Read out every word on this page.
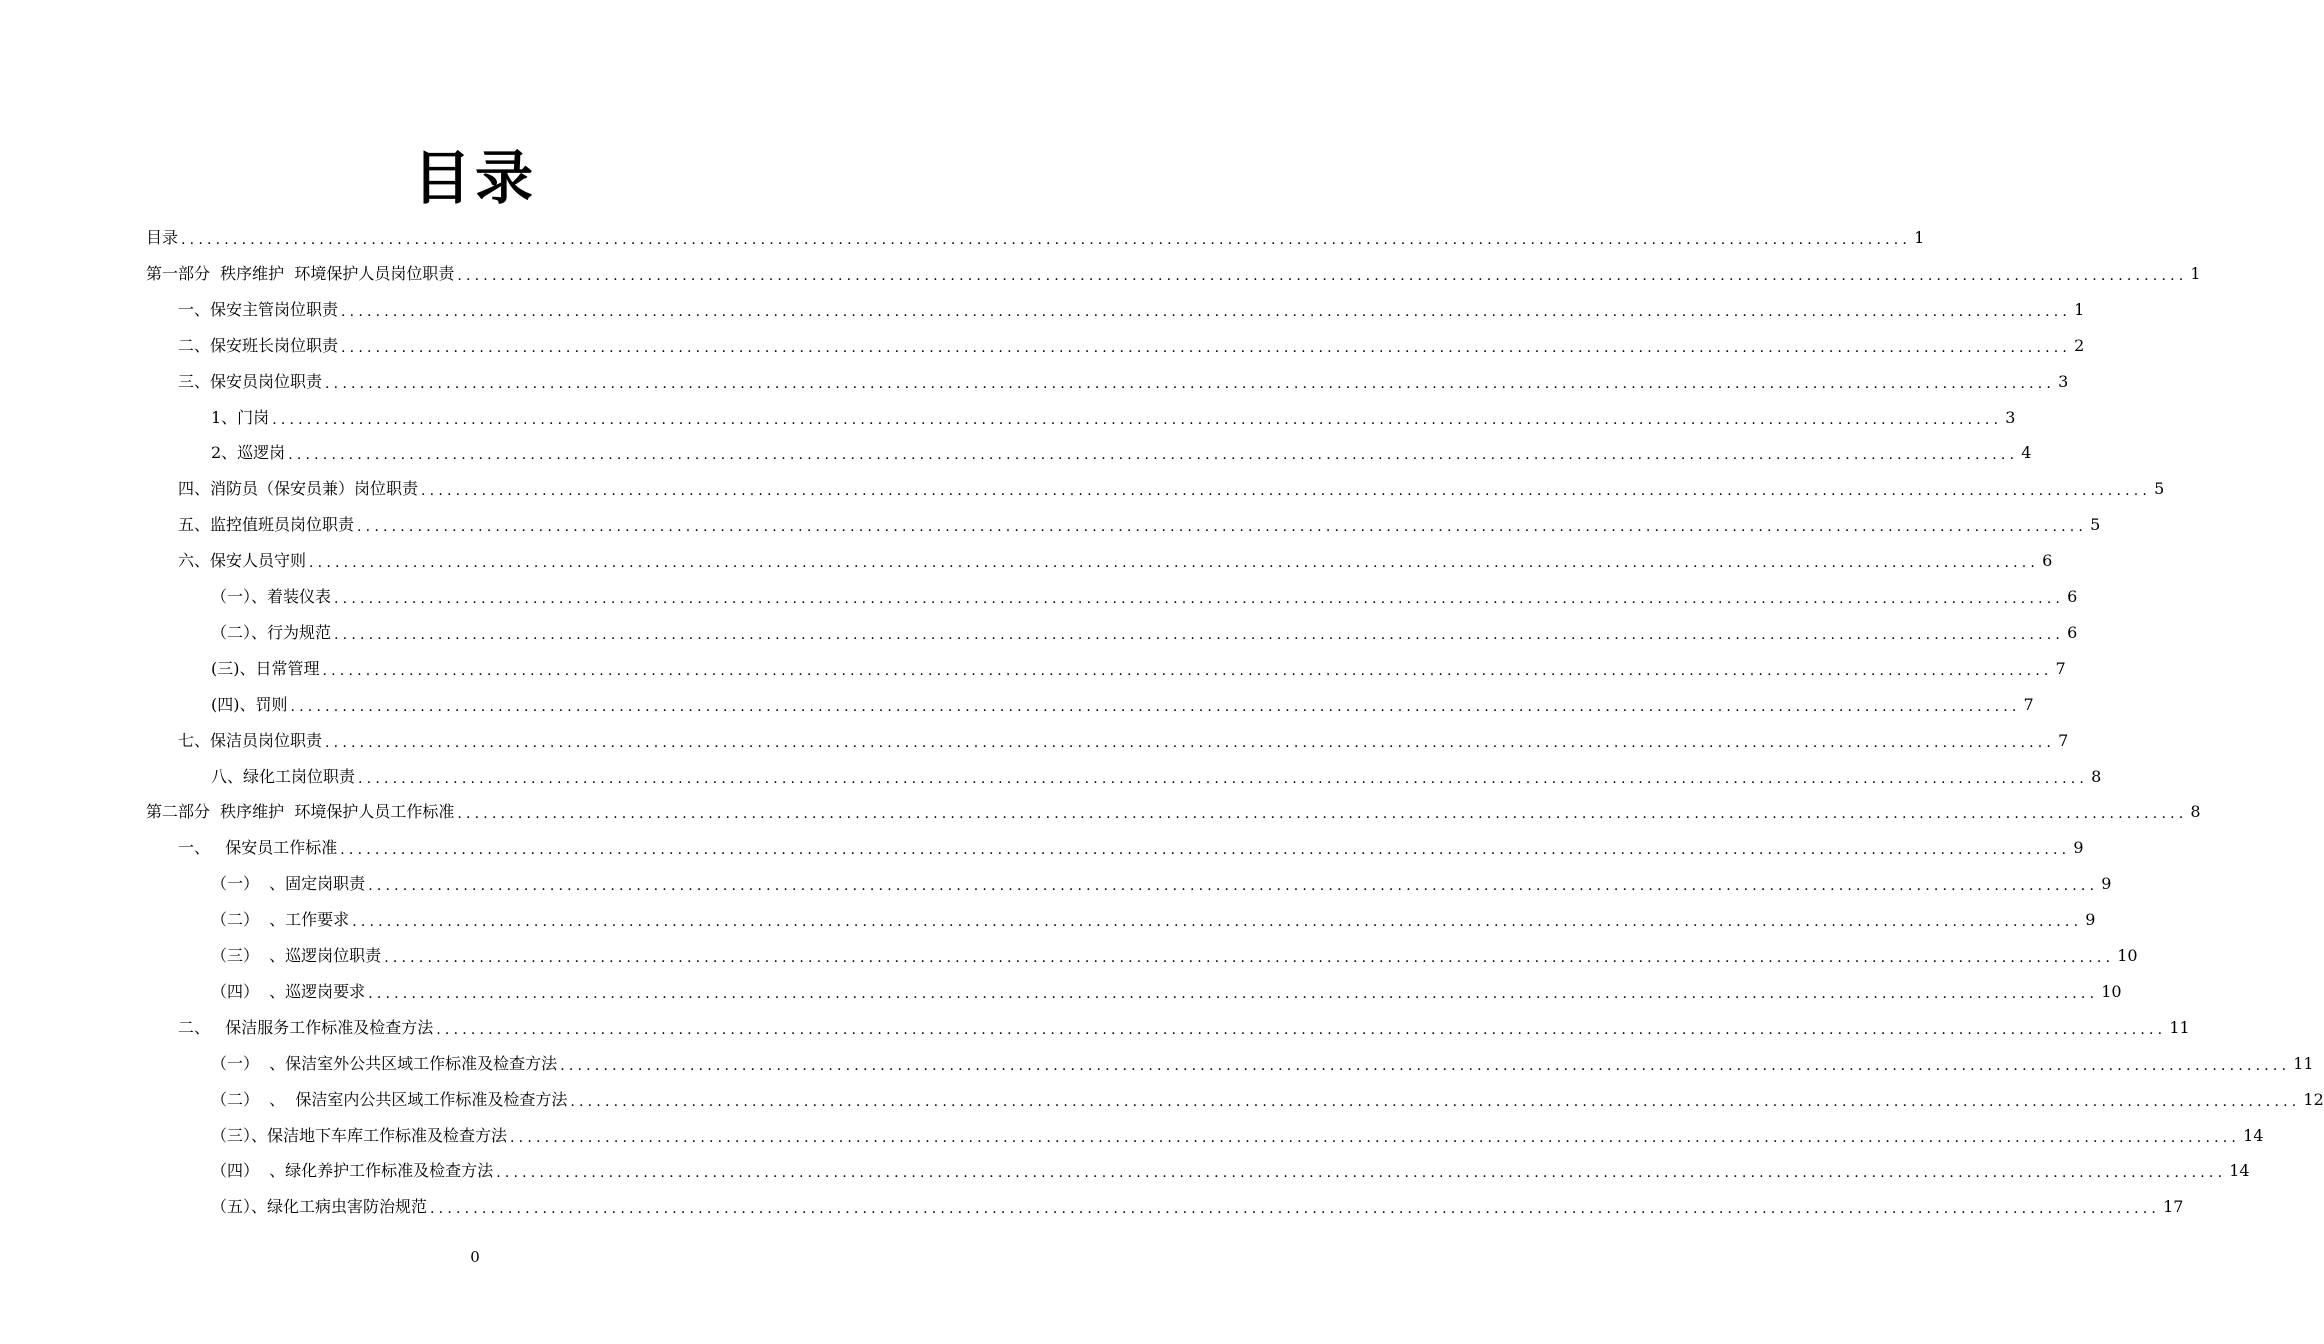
目录
目录 ........................................................................................................................................................................................................ 1
第一部分  秩序维护  环境保护人员岗位职责 ........................................................................................................................................................................................................ 1
一、保安主管岗位职责 ........................................................................................................................................................................................................ 1
二、保安班长岗位职责 ........................................................................................................................................................................................................ 2
三、保安员岗位职责 ........................................................................................................................................................................................................ 3
1、门岗 ........................................................................................................................................................................................................ 3
2、巡逻岗 ........................................................................................................................................................................................................ 4
四、消防员（保安员兼）岗位职责 ........................................................................................................................................................................................................ 5
五、监控值班员岗位职责 ........................................................................................................................................................................................................ 5
六、保安人员守则 ........................................................................................................................................................................................................ 6
（一）、着装仪表 ........................................................................................................................................................................................................ 6
（二）、行为规范 ........................................................................................................................................................................................................ 6
(三)、日常管理 ........................................................................................................................................................................................................ 7
(四)、罚则 ........................................................................................................................................................................................................ 7
七、保洁员岗位职责 ........................................................................................................................................................................................................ 7
八、绿化工岗位职责 ........................................................................................................................................................................................................ 8
第二部分  秩序维护  环境保护人员工作标准 ........................................................................................................................................................................................................ 8
一、   保安员工作标准 ........................................................................................................................................................................................................ 9
（一）  、固定岗职责 ........................................................................................................................................................................................................ 9
（二）  、工作要求 ........................................................................................................................................................................................................ 9
（三）  、巡逻岗位职责 ........................................................................................................................................................................................................ 10
（四）  、巡逻岗要求 ........................................................................................................................................................................................................ 10
二、   保洁服务工作标准及检查方法 ........................................................................................................................................................................................................ 11
（一）  、保洁室外公共区域工作标准及检查方法 ........................................................................................................................................................................................................ 11
（二）  、  保洁室内公共区域工作标准及检查方法 ........................................................................................................................................................................................................ 12
（三）、保洁地下车库工作标准及检查方法 ........................................................................................................................................................................................................ 14
（四）  、绿化养护工作标准及检查方法 ........................................................................................................................................................................................................ 14
（五）、绿化工病虫害防治规范 ........................................................................................................................................................................................................ 17
0
